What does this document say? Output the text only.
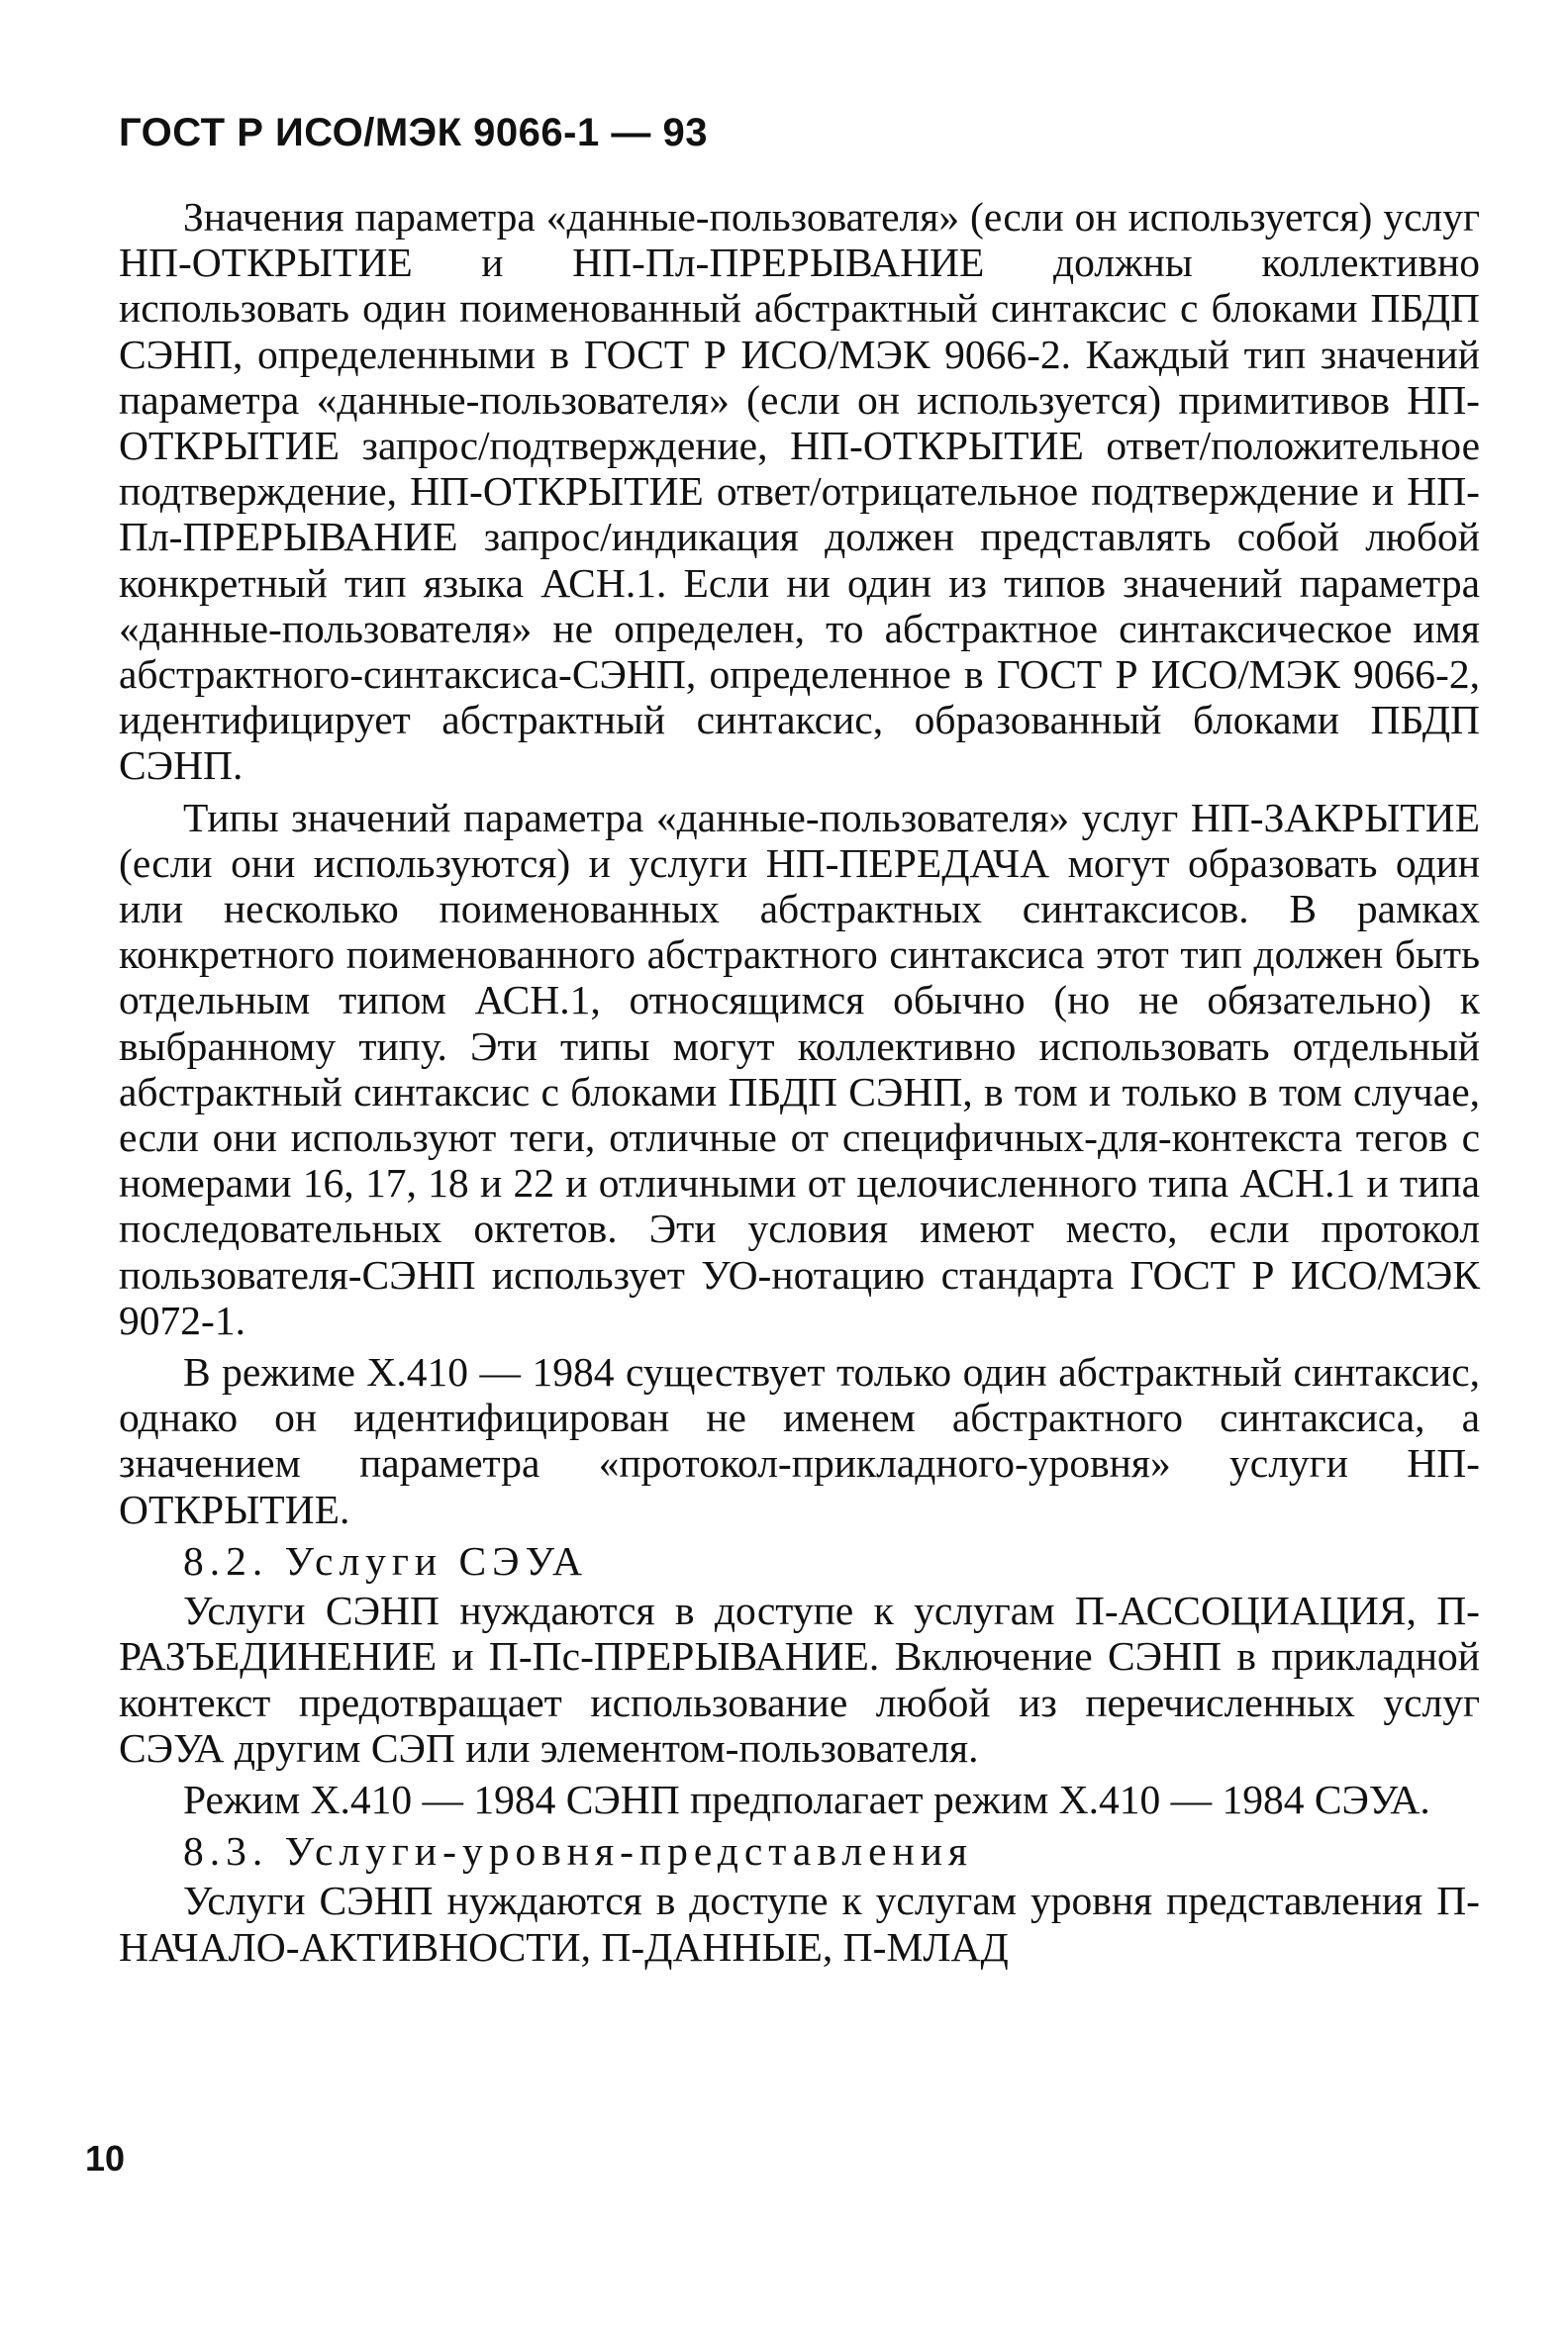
ГОСТ Р ИСО/МЭК 9066-1 — 93

Значения параметра «данные-пользователя» (если он используется) услуг НП-ОТКРЫТИЕ и НП-Пл-ПРЕРЫВАНИЕ должны коллективно использовать один поименованный абстрактный синтаксис с блоками ПБДП СЭНП, определенными в ГОСТ Р ИСО/МЭК 9066-2. Каждый тип значений параметра «данные-пользователя» (если он используется) примитивов НП-ОТКРЫТИЕ запрос/подтверждение, НП-ОТКРЫТИЕ ответ/положительное подтверждение, НП-ОТКРЫТИЕ ответ/отрицательное подтверждение и НП-Пл-ПРЕРЫВАНИЕ запрос/индикация должен представлять собой любой конкретный тип языка АСН.1. Если ни один из типов значений параметра «данные-пользователя» не определен, то абстрактное синтаксическое имя абстрактного-синтаксиса-СЭНП, определенное в ГОСТ Р ИСО/МЭК 9066-2, идентифицирует абстрактный синтаксис, образованный блоками ПБДП СЭНП.

Типы значений параметра «данные-пользователя» услуг НП-ЗАКРЫТИЕ (если они используются) и услуги НП-ПЕРЕДАЧА могут образовать один или несколько поименованных абстрактных синтаксисов. В рамках конкретного поименованного абстрактного синтаксиса этот тип должен быть отдельным типом АСН.1, относящимся обычно (но не обязательно) к выбранному типу. Эти типы могут коллективно использовать отдельный абстрактный синтаксис с блоками ПБДП СЭНП, в том и только в том случае, если они используют теги, отличные от специфичных-для-контекста тегов с номерами 16, 17, 18 и 22 и отличными от целочисленного типа АСН.1 и типа последовательных октетов. Эти условия имеют место, если протокол пользователя-СЭНП использует УО-нотацию стандарта ГОСТ Р ИСО/МЭК 9072-1.

В режиме X.410 — 1984 существует только один абстрактный синтаксис, однако он идентифицирован не именем абстрактного синтаксиса, а значением параметра «протокол-прикладного-уровня» услуги НП-ОТКРЫТИЕ.

8.2. Услуги СЭУА

Услуги СЭНП нуждаются в доступе к услугам П-АССОЦИАЦИЯ, П-РАЗЪЕДИНЕНИЕ и П-Пс-ПРЕРЫВАНИЕ. Включение СЭНП в прикладной контекст предотвращает использование любой из перечисленных услуг СЭУА другим СЭП или элементом-пользователя.

Режим X.410 — 1984 СЭНП предполагает режим X.410 — 1984 СЭУА.

8.3. Услуги-уровня-представления

Услуги СЭНП нуждаются в доступе к услугам уровня представления П-НАЧАЛО-АКТИВНОСТИ, П-ДАННЫЕ, П-МЛАД

10
